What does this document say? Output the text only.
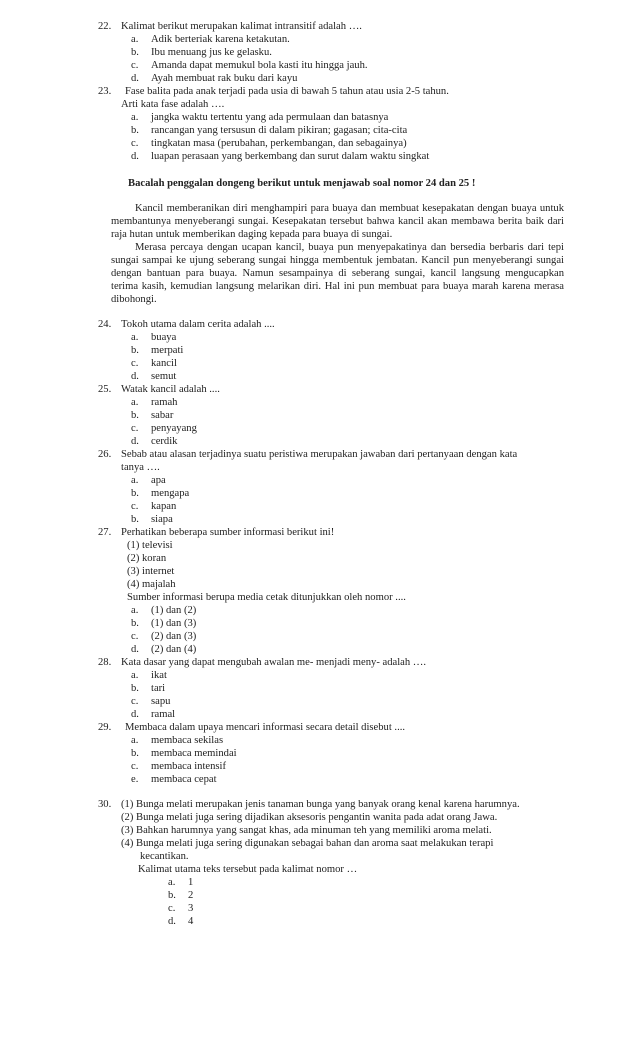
22. Kalimat berikut merupakan kalimat intransitif adalah ….
a. Adik berteriak karena ketakutan.
b. Ibu menuang jus ke gelasku.
c. Amanda dapat memukul bola kasti itu hingga jauh.
d. Ayah membuat rak buku dari kayu
23. Fase balita pada anak terjadi pada usia di bawah 5 tahun atau usia 2-5 tahun.
Arti kata fase adalah ….
a. jangka waktu tertentu yang ada permulaan dan batasnya
b. rancangan yang tersusun di dalam pikiran; gagasan; cita-cita
c. tingkatan masa (perubahan, perkembangan, dan sebagainya)
d. luapan perasaan yang berkembang dan surut dalam waktu singkat
Bacalah penggalan dongeng berikut untuk menjawab soal nomor 24 dan 25 !

Kancil memberanikan diri menghampiri para buaya dan membuat kesepakatan dengan buaya untuk membantunya menyeberangi sungai. Kesepakatan tersebut bahwa kancil akan membawa berita baik dari raja hutan untuk memberikan daging kepada para buaya di sungai.

Merasa percaya dengan ucapan kancil, buaya pun menyepakatinya dan bersedia berbaris dari tepi sungai sampai ke ujung seberang sungai hingga membentuk jembatan. Kancil pun menyeberangi sungai dengan bantuan para buaya. Namun sesampainya di seberang sungai, kancil langsung mengucapkan terima kasih, kemudian langsung melarikan diri. Hal ini pun membuat para buaya marah karena merasa dibohongi.

24. Tokoh utama dalam cerita adalah ....
a. buaya
b. merpati
c. kancil
d. semut
25. Watak kancil adalah ....
a. ramah
b. sabar
c. penyayang
d. cerdik
26. Sebab atau alasan terjadinya suatu peristiwa merupakan jawaban dari pertanyaan dengan kata
tanya ….
a. apa
b. mengapa
c. kapan
b. siapa
27. Perhatikan beberapa sumber informasi berikut ini!
(1) televisi
(2) koran
(3) internet
(4) majalah
Sumber informasi berupa media cetak ditunjukkan oleh nomor ....
a. (1) dan (2)
b. (1) dan (3)
c. (2) dan (3)
d. (2) dan (4)
28. Kata dasar yang dapat mengubah awalan me- menjadi meny- adalah ….
a. ikat
b. tari
c. sapu
d. ramal
29. Membaca dalam upaya mencari informasi secara detail disebut ....
a. membaca sekilas
b. membaca memindai
c. membaca intensif
e. membaca cepat
30. (1) Bunga melati merupakan jenis tanaman bunga yang banyak orang kenal karena harumnya.
(2) Bunga melati juga sering dijadikan aksesoris pengantin wanita pada adat orang Jawa.
(3) Bahkan harumnya yang sangat khas, ada minuman teh yang memiliki aroma melati.
(4) Bunga melati juga sering digunakan sebagai bahan dan aroma saat melakukan terapi
kecantikan.
Kalimat utama teks tersebut pada kalimat nomor …
a. 1
b. 2
c. 3
d. 4
